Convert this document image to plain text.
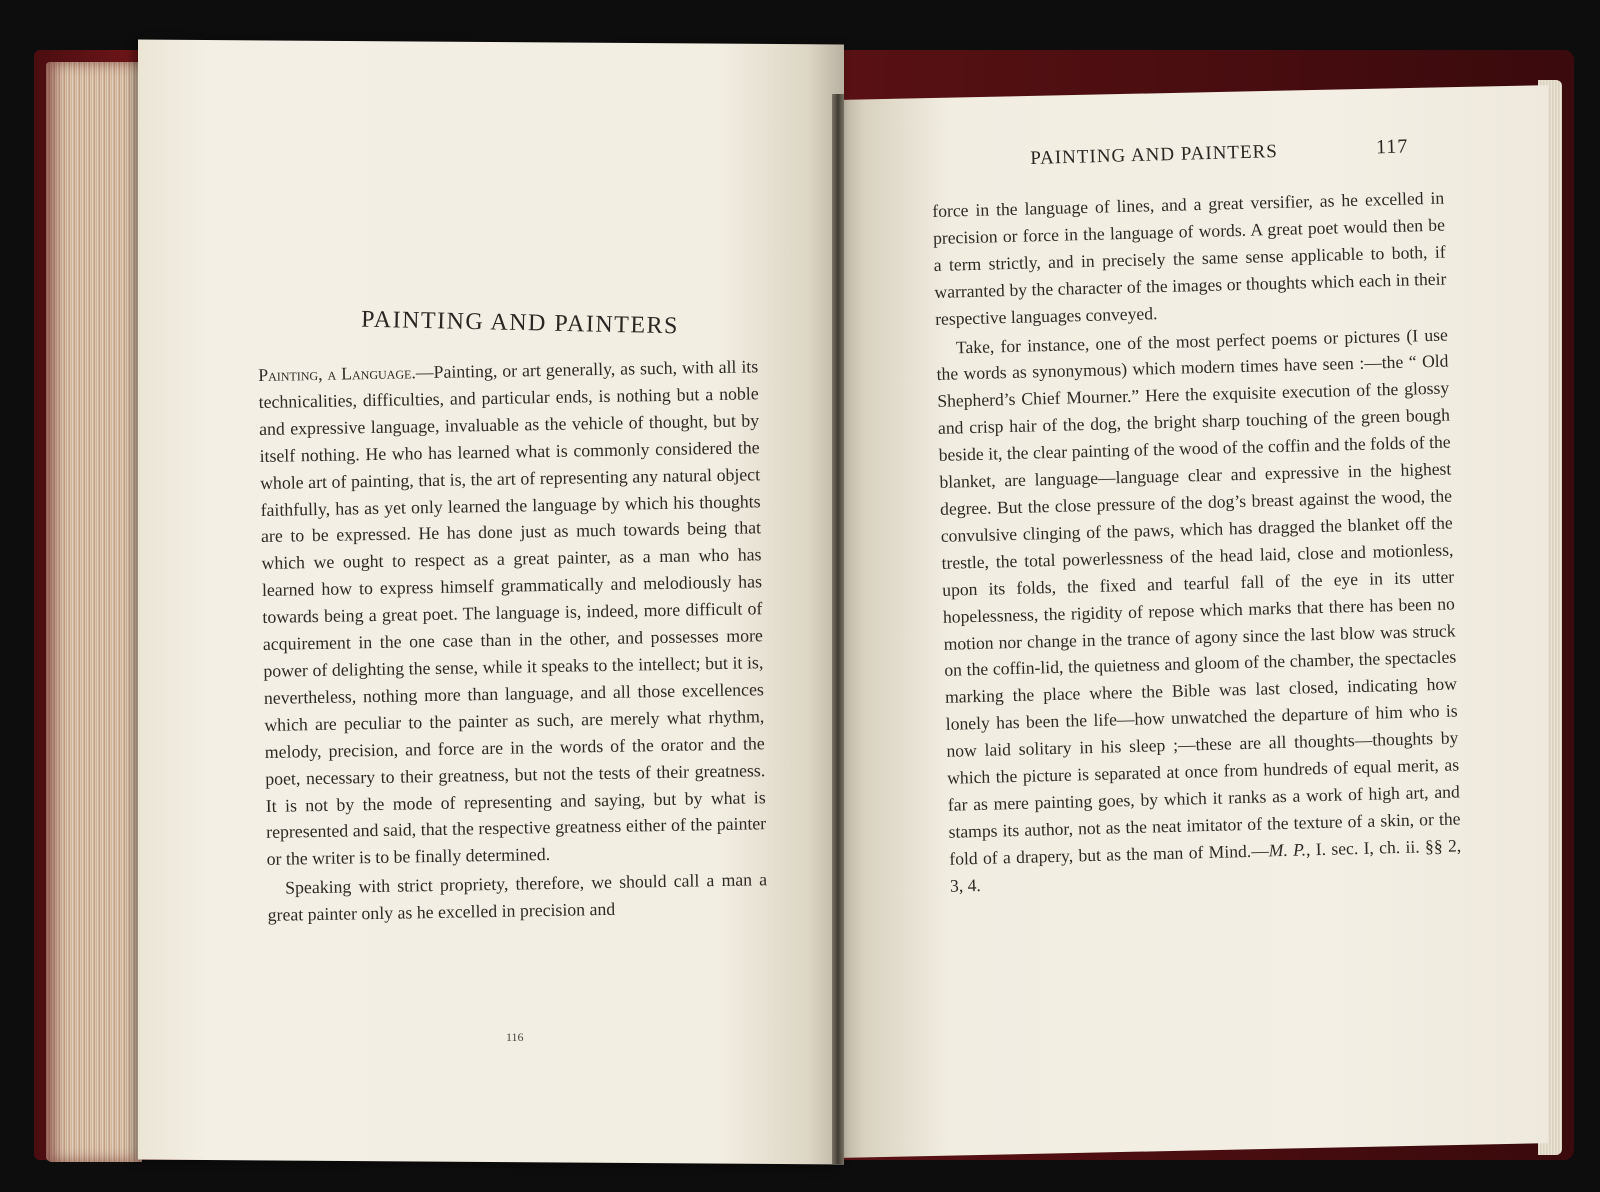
PAINTING AND PAINTERS

Painting, a Language.—Painting, or art generally, as such, with all its technicalities, difficulties, and particular ends, is nothing but a noble and expressive language, invaluable as the vehicle of thought, but by itself nothing. He who has learned what is commonly considered the whole art of painting, that is, the art of representing any natural object faithfully, has as yet only learned the language by which his thoughts are to be expressed. He has done just as much towards being that which we ought to respect as a great painter, as a man who has learned how to express himself grammatically and melodiously has towards being a great poet. The language is, indeed, more difficult of acquirement in the one case than in the other, and possesses more power of delighting the sense, while it speaks to the intellect; but it is, nevertheless, nothing more than language, and all those excellences which are peculiar to the painter as such, are merely what rhythm, melody, precision, and force are in the words of the orator and the poet, necessary to their greatness, but not the tests of their greatness. It is not by the mode of representing and saying, but by what is represented and said, that the respective greatness either of the painter or the writer is to be finally determined.

Speaking with strict propriety, therefore, we should call a man a great painter only as he excelled in precision and

116
PAINTING AND PAINTERS	117

force in the language of lines, and a great versifier, as he excelled in precision or force in the language of words. A great poet would then be a term strictly, and in precisely the same sense applicable to both, if warranted by the character of the images or thoughts which each in their respective languages conveyed.

Take, for instance, one of the most perfect poems or pictures (I use the words as synonymous) which modern times have seen :—the “ Old Shepherd’s Chief Mourner.” Here the exquisite execution of the glossy and crisp hair of the dog, the bright sharp touching of the green bough beside it, the clear painting of the wood of the coffin and the folds of the blanket, are language—language clear and expressive in the highest degree. But the close pressure of the dog’s breast against the wood, the convulsive clinging of the paws, which has dragged the blanket off the trestle, the total powerlessness of the head laid, close and motionless, upon its folds, the fixed and tearful fall of the eye in its utter hopelessness, the rigidity of repose which marks that there has been no motion nor change in the trance of agony since the last blow was struck on the coffin-lid, the quietness and gloom of the chamber, the spectacles marking the place where the Bible was last closed, indicating how lonely has been the life—how unwatched the departure of him who is now laid solitary in his sleep ;—these are all thoughts—thoughts by which the picture is separated at once from hundreds of equal merit, as far as mere painting goes, by which it ranks as a work of high art, and stamps its author, not as the neat imitator of the texture of a skin, or the fold of a drapery, but as the man of Mind.—M. P., I. sec. I, ch. ii. §§ 2, 3, 4.
